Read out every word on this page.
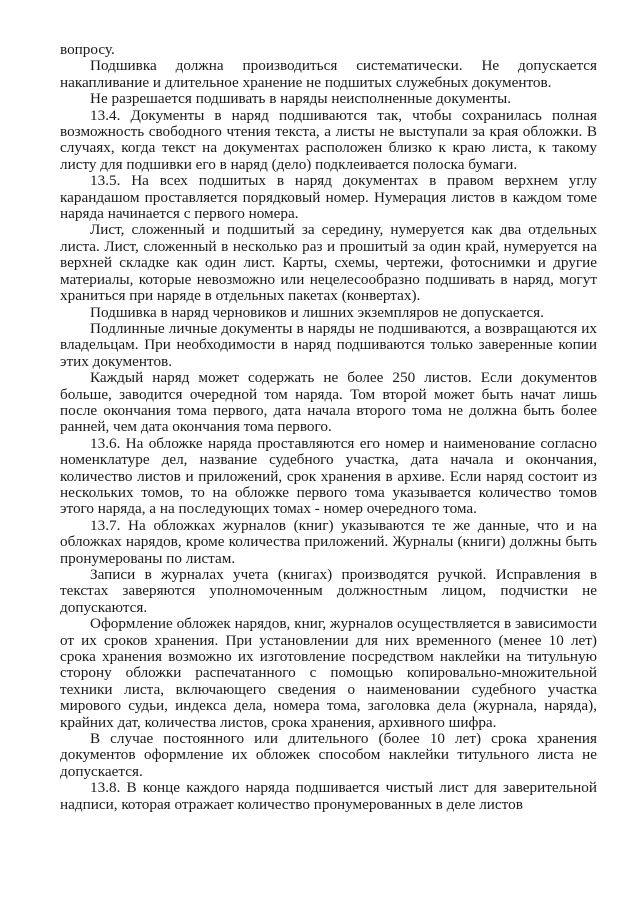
вопросу.

Подшивка должна производиться систематически. Не допускается накапливание и длительное хранение не подшитых служебных документов.

Не разрешается подшивать в наряды неисполненные документы.

13.4. Документы в наряд подшиваются так, чтобы сохранилась полная возможность свободного чтения текста, а листы не выступали за края обложки. В случаях, когда текст на документах расположен близко к краю листа, к такому листу для подшивки его в наряд (дело) подклеивается полоска бумаги.

13.5. На всех подшитых в наряд документах в правом верхнем углу карандашом проставляется порядковый номер. Нумерация листов в каждом томе наряда начинается с первого номера.

Лист, сложенный и подшитый за середину, нумеруется как два отдельных листа. Лист, сложенный в несколько раз и прошитый за один край, нумеруется на верхней складке как один лист. Карты, схемы, чертежи, фотоснимки и другие материалы, которые невозможно или нецелесообразно подшивать в наряд, могут храниться при наряде в отдельных пакетах (конвертах).

Подшивка в наряд черновиков и лишних экземпляров не допускается.

Подлинные личные документы в наряды не подшиваются, а возвращаются их владельцам. При необходимости в наряд подшиваются только заверенные копии этих документов.

Каждый наряд может содержать не более 250 листов. Если документов больше, заводится очередной том наряда. Том второй может быть начат лишь после окончания тома первого, дата начала второго тома не должна быть более ранней, чем дата окончания тома первого.

13.6. На обложке наряда проставляются его номер и наименование согласно номенклатуре дел, название судебного участка, дата начала и окончания, количество листов и приложений, срок хранения в архиве. Если наряд состоит из нескольких томов, то на обложке первого тома указывается количество томов этого наряда, а на последующих томах - номер очередного тома.

13.7. На обложках журналов (книг) указываются те же данные, что и на обложках нарядов, кроме количества приложений. Журналы (книги) должны быть пронумерованы по листам.

Записи в журналах учета (книгах) производятся ручкой. Исправления в текстах заверяются уполномоченным должностным лицом, подчистки не допускаются.

Оформление обложек нарядов, книг, журналов осуществляется в зависимости от их сроков хранения. При установлении для них временного (менее 10 лет) срока хранения возможно их изготовление посредством наклейки на титульную сторону обложки распечатанного с помощью копировально-множительной техники листа, включающего сведения о наименовании судебного участка мирового судьи, индекса дела, номера тома, заголовка дела (журнала, наряда), крайних дат, количества листов, срока хранения, архивного шифра.

В случае постоянного или длительного (более 10 лет) срока хранения документов оформление их обложек способом наклейки титульного листа не допускается.

13.8. В конце каждого наряда подшивается чистый лист для заверительной надписи, которая отражает количество пронумерованных в деле листов
